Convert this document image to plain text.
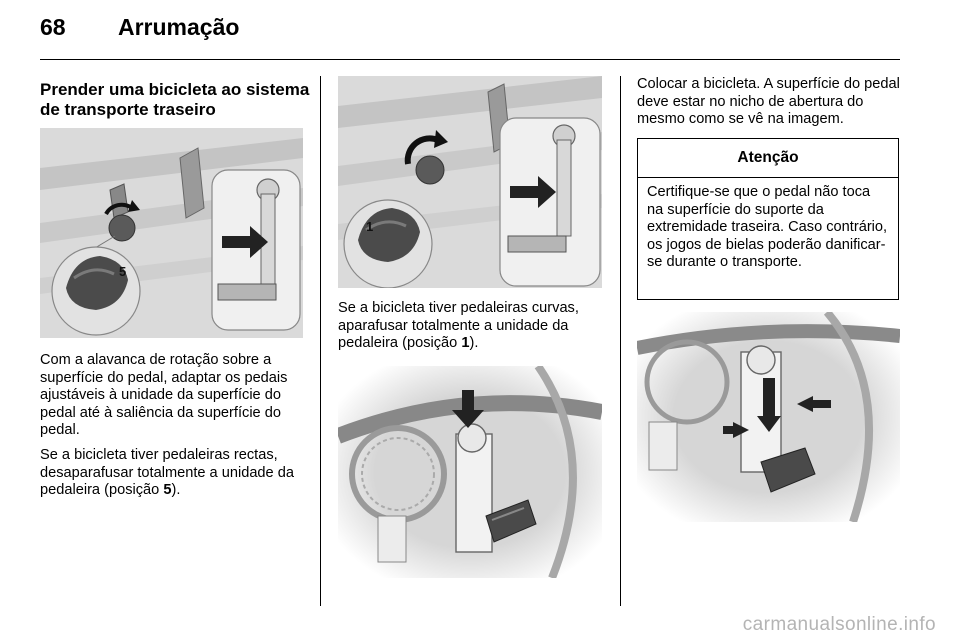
68 Arrumação
Prender uma bicicleta ao sistema de transporte traseiro
5
Com a alavanca de rotação sobre a superfície do pedal, adaptar os pedais ajustáveis à unidade da superfície do pedal até à saliência da superfície do pedal.
Se a bicicleta tiver pedaleiras rectas, desaparafusar totalmente a unidade da pedaleira (posição 5).
1
Se a bicicleta tiver pedaleiras curvas, aparafusar totalmente a unidade da pedaleira (posição 1).
Colocar a bicicleta. A superfície do pedal deve estar no nicho de abertura do mesmo como se vê na imagem.
Atenção
Certifique-se que o pedal não toca na superfície do suporte da extremidade traseira. Caso contrário, os jogos de bielas poderão danificar-se durante o transporte.
carmanualsonline.info
